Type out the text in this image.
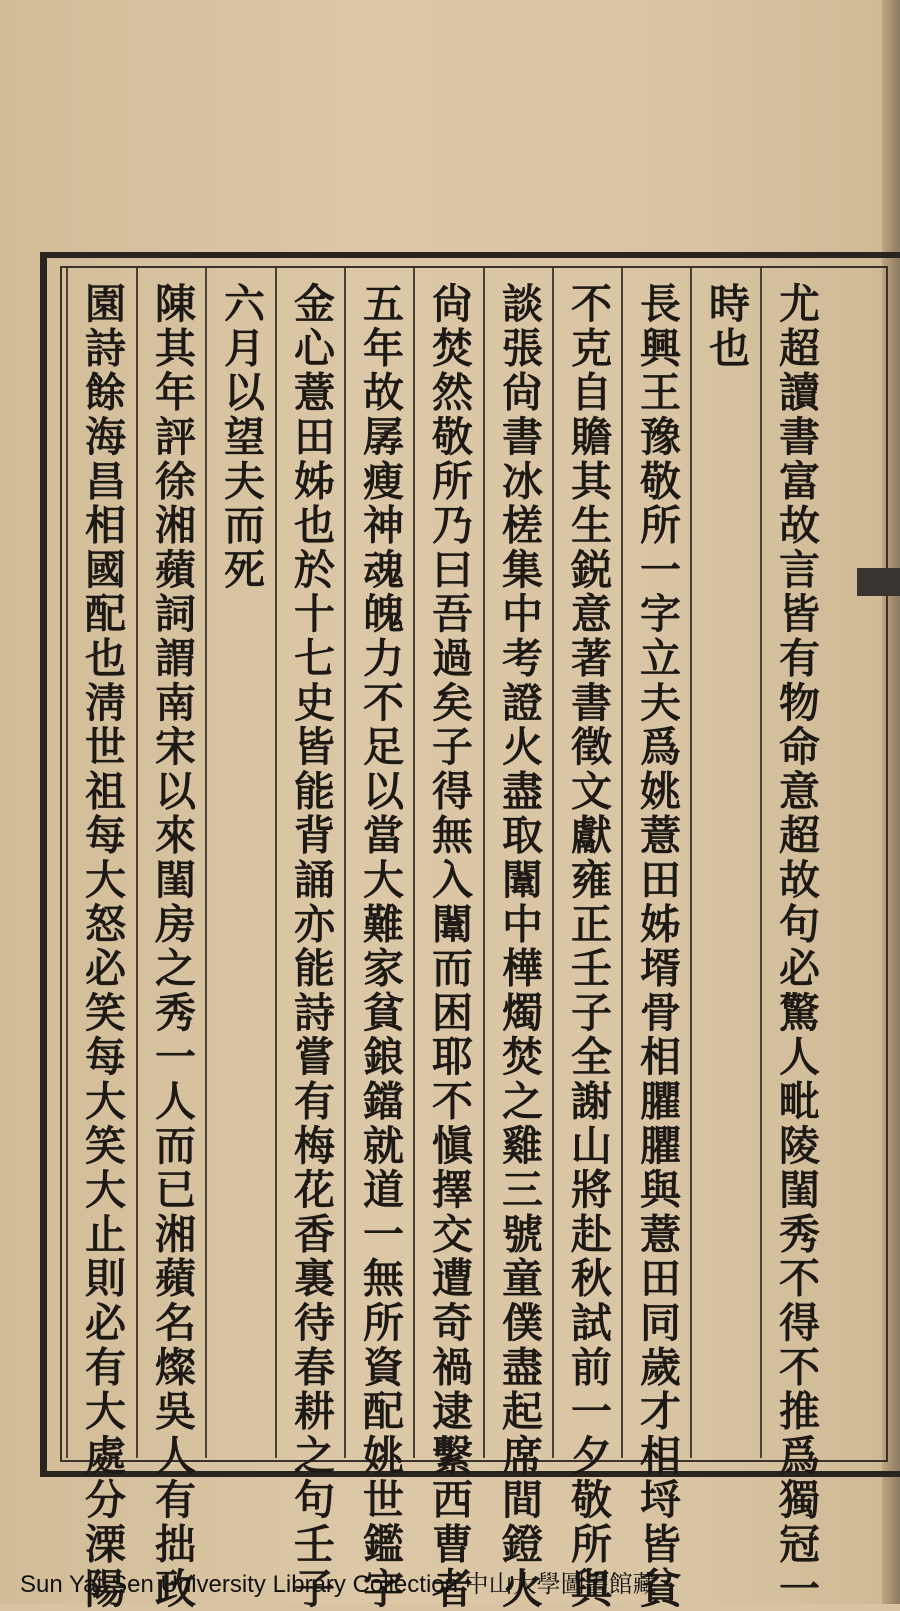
尤超讀書富故言皆有物命意超故句必驚人毗陵閨秀不得不推爲獨冠一
時也
長興王豫敬所一字立夫爲姚薏田姊壻骨相臞臞與薏田同歲才相埒皆貧
不克自贍其生鋭意著書徵文獻雍正壬子全謝山將赴秋試前一夕敬所與
談張尙書冰槎集中考證火盡取闈中樺燭焚之雞三號童僕盡起席間鐙火
尙焚然敬所乃曰吾過矣子得無入闈而困耶不愼擇交遭奇禍逮繫西曹者
五年故孱瘦神魂魄力不足以當大難家貧鋃鐺就道一無所資配姚世鑑字
金心薏田姊也於十七史皆能背誦亦能詩嘗有梅花香裏待春耕之句壬子
六月以望夫而死
陳其年評徐湘蘋詞謂南宋以來閨房之秀一人而已湘蘋名燦吳人有拙政
園詩餘海昌相國配也淸世祖每大怒必笑每大笑大止則必有大處分溧陽
Sun Yat-Sen University Library Collection 中山大學圖書館藏
